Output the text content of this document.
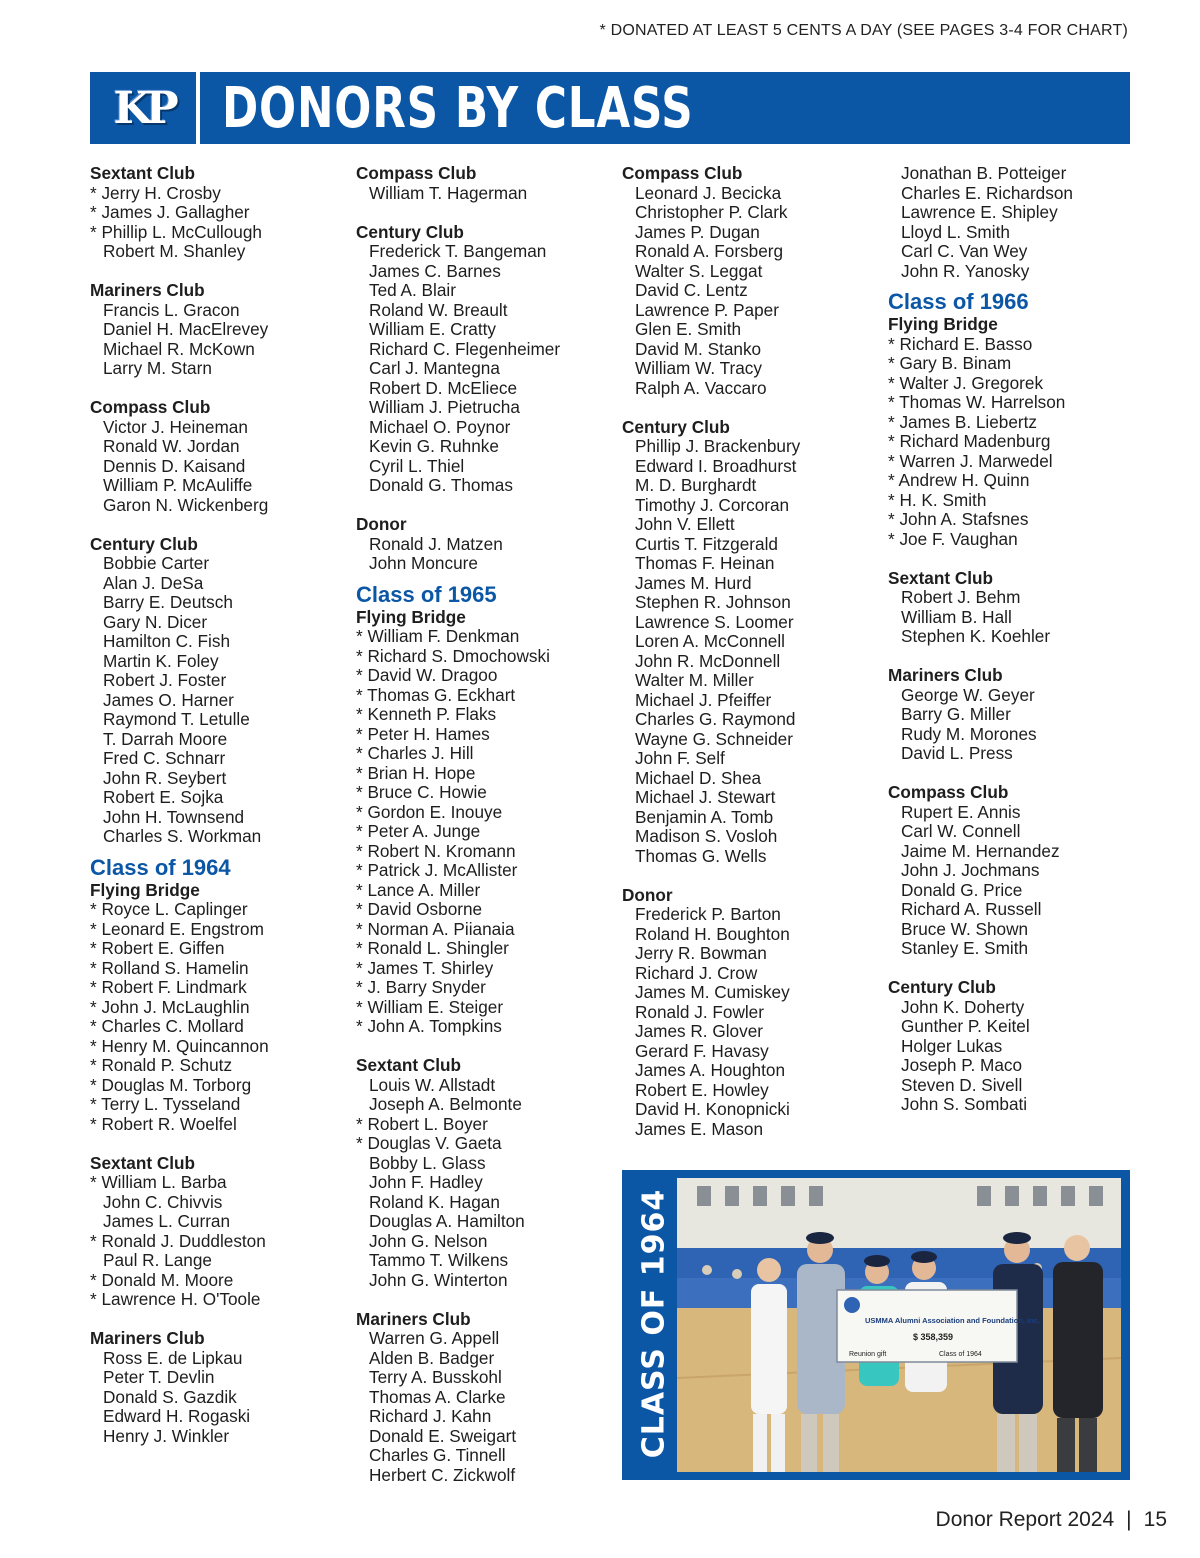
* DONATED AT LEAST 5 CENTS A DAY (SEE PAGES 3-4 FOR CHART)
KP DONORS BY CLASS
Sextant Club
* Jerry H. Crosby
* James J. Gallagher
* Phillip L. McCullough
Robert M. Shanley
Mariners Club
Francis L. Gracon
Daniel H. MacElrevey
Michael R. McKown
Larry M. Starn
Compass Club
Victor J. Heineman
Ronald W. Jordan
Dennis D. Kaisand
William P. McAuliffe
Garon N. Wickenberg
Century Club
Bobbie Carter
Alan J. DeSa
Barry E. Deutsch
Gary N. Dicer
Hamilton C. Fish
Martin K. Foley
Robert J. Foster
James O. Harner
Raymond T. Letulle
T. Darrah Moore
Fred C. Schnarr
John R. Seybert
Robert E. Sojka
John H. Townsend
Charles S. Workman
Class of 1964
Flying Bridge
* Royce L. Caplinger
* Leonard E. Engstrom
* Robert E. Giffen
* Rolland S. Hamelin
* Robert F. Lindmark
* John J. McLaughlin
* Charles C. Mollard
* Henry M. Quincannon
* Ronald P. Schutz
* Douglas M. Torborg
* Terry L. Tysseland
* Robert R. Woelfel
Sextant Club
* William L. Barba
John C. Chivvis
James L. Curran
* Ronald J. Duddleston
Paul R. Lange
* Donald M. Moore
* Lawrence H. O'Toole
Mariners Club
Ross E. de Lipkau
Peter T. Devlin
Donald S. Gazdik
Edward H. Rogaski
Henry J. Winkler
Compass Club
William T. Hagerman
Century Club
Frederick T. Bangeman
James C. Barnes
Ted A. Blair
Roland W. Breault
William E. Cratty
Richard C. Flegenheimer
Carl J. Mantegna
Robert D. McEliece
William J. Pietrucha
Michael O. Poynor
Kevin G. Ruhnke
Cyril L. Thiel
Donald G. Thomas
Donor
Ronald J. Matzen
John Moncure
Class of 1965
Flying Bridge
* William F. Denkman
* Richard S. Dmochowski
* David W. Dragoo
* Thomas G. Eckhart
* Kenneth P. Flaks
* Peter H. Hames
* Charles J. Hill
* Brian H. Hope
* Bruce C. Howie
* Gordon E. Inouye
* Peter A. Junge
* Robert N. Kromann
* Patrick J. McAllister
* Lance A. Miller
* David Osborne
* Norman A. Piianaia
* Ronald L. Shingler
* James T. Shirley
* J. Barry Snyder
* William E. Steiger
* John A. Tompkins
Sextant Club
Louis W. Allstadt
Joseph A. Belmonte
* Robert L. Boyer
* Douglas V. Gaeta
Bobby L. Glass
John F. Hadley
Roland K. Hagan
Douglas A. Hamilton
John G. Nelson
Tammo T. Wilkens
John G. Winterton
Mariners Club
Warren G. Appell
Alden B. Badger
Terry A. Busskohl
Thomas A. Clarke
Richard J. Kahn
Donald E. Sweigart
Charles G. Tinnell
Herbert C. Zickwolf
Compass Club
Leonard J. Becicka
Christopher P. Clark
James P. Dugan
Ronald A. Forsberg
Walter S. Leggat
David C. Lentz
Lawrence P. Paper
Glen E. Smith
David M. Stanko
William W. Tracy
Ralph A. Vaccaro
Century Club
Phillip J. Brackenbury
Edward I. Broadhurst
M. D. Burghardt
Timothy J. Corcoran
John V. Ellett
Curtis T. Fitzgerald
Thomas F. Heinan
James M. Hurd
Stephen R. Johnson
Lawrence S. Loomer
Loren A. McConnell
John R. McDonnell
Walter M. Miller
Michael J. Pfeiffer
Charles G. Raymond
Wayne G. Schneider
John F. Self
Michael D. Shea
Michael J. Stewart
Benjamin A. Tomb
Madison S. Vosloh
Thomas G. Wells
Donor
Frederick P. Barton
Roland H. Boughton
Jerry R. Bowman
Richard J. Crow
James M. Cumiskey
Ronald J. Fowler
James R. Glover
Gerard F. Havasy
James A. Houghton
Robert E. Howley
David H. Konopnicki
James E. Mason
Jonathan B. Potteiger
Charles E. Richardson
Lawrence E. Shipley
Lloyd L. Smith
Carl C. Van Wey
John R. Yanosky
Class of 1966
Flying Bridge
* Richard E. Basso
* Gary B. Binam
* Walter J. Gregorek
* Thomas W. Harrelson
* James B. Liebertz
* Richard Madenburg
* Warren J. Marwedel
* Andrew H. Quinn
* H. K. Smith
* John A. Stafsnes
* Joe F. Vaughan
Sextant Club
Robert J. Behm
William B. Hall
Stephen K. Koehler
Mariners Club
George W. Geyer
Barry G. Miller
Rudy M. Morones
David L. Press
Compass Club
Rupert E. Annis
Carl W. Connell
Jaime M. Hernandez
John J. Jochmans
Donald G. Price
Richard A. Russell
Bruce W. Shown
Stanley E. Smith
Century Club
John K. Doherty
Gunther P. Keitel
Holger Lukas
Joseph P. Maco
Steven D. Sivell
John S. Sombati
CLASS OF 1964	USMMA Alumni Association and Foundation, Inc.
$ 358,359
Reunion gift	Class of 1964
Donor Report 2024 | 15
